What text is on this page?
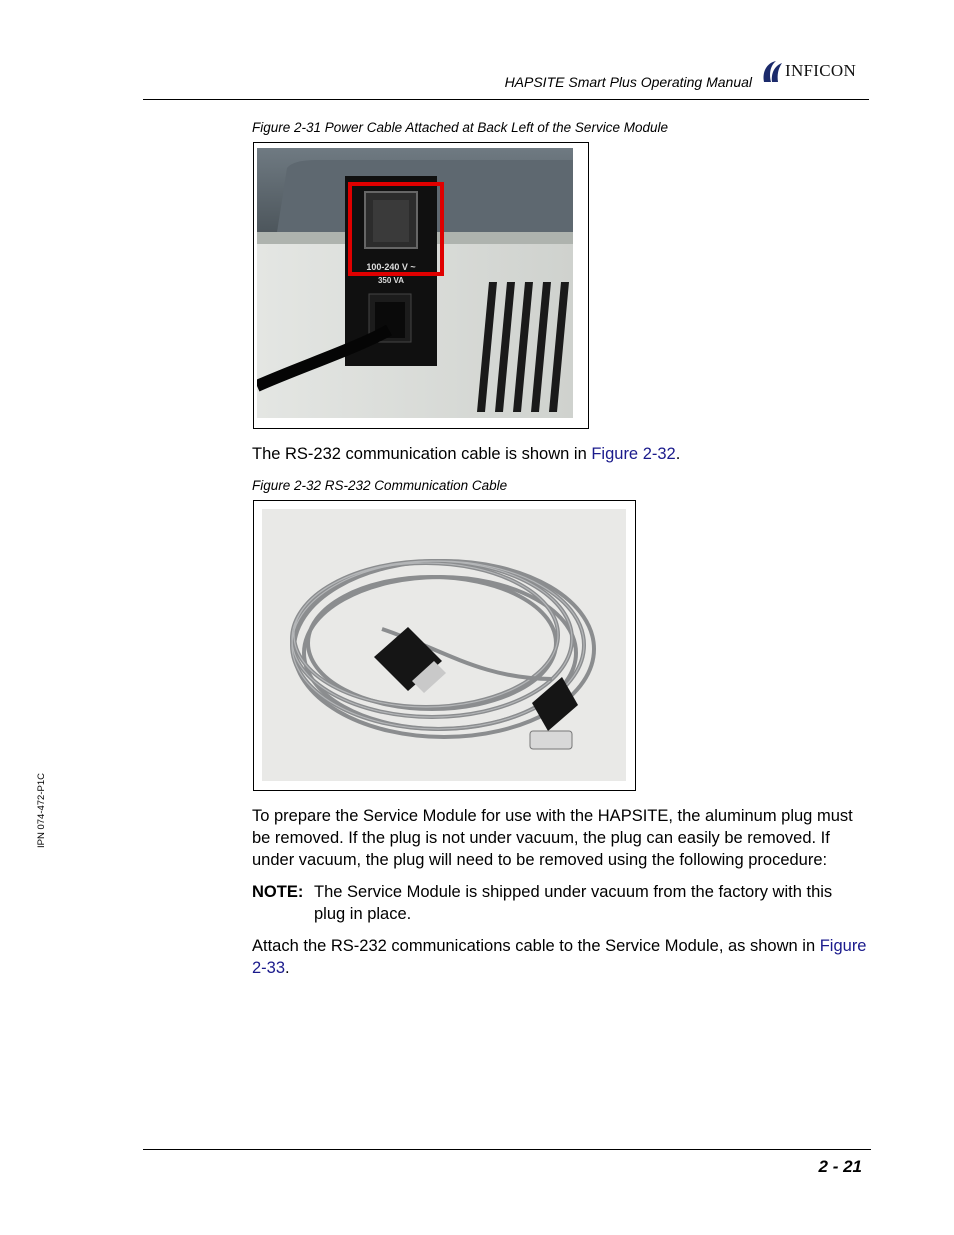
HAPSITE Smart Plus Operating Manual
INFICON
Figure 2-31 Power Cable Attached at Back Left of the Service Module
100-240 V ~
350 VA
The RS-232 communication cable is shown in Figure 2-32.
Figure 2-32 RS-232 Communication Cable
To prepare the Service Module for use with the HAPSITE, the aluminum plug must be removed. If the plug is not under vacuum, the plug can easily be removed. If under vacuum, the plug will need to be removed using the following procedure:
NOTE: The Service Module is shipped under vacuum from the factory with this plug in place.
Attach the RS-232 communications cable to the Service Module, as shown in Figure 2-33.
IPN 074-472-P1C
2 - 21
